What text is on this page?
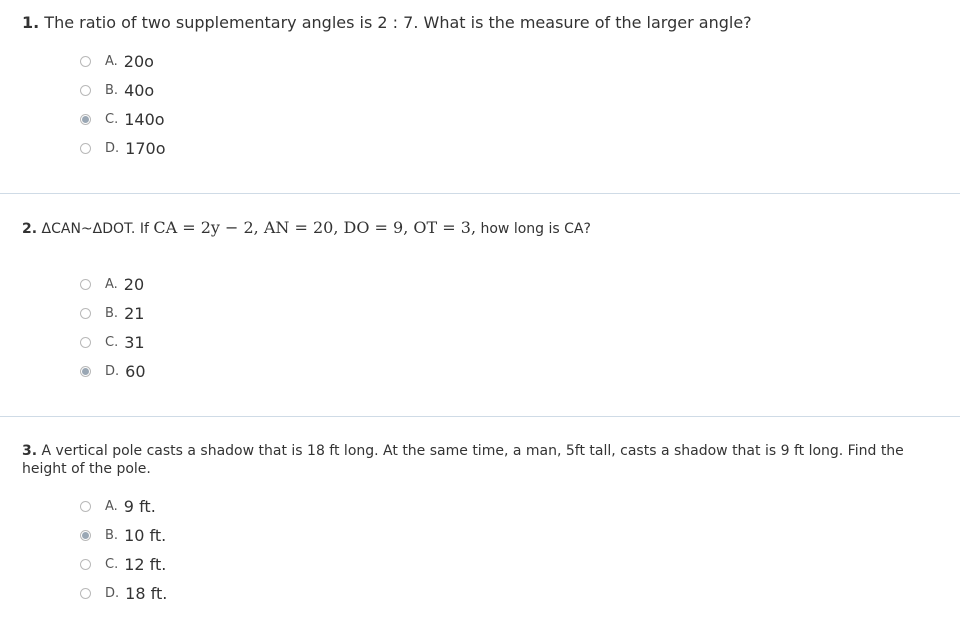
1. The ratio of two supplementary angles is 2 : 7. What is the measure of the larger angle?
A. 20o
B. 40o
C. 140o
D. 170o
2. ΔCAN~ΔDOT. If CA = 2y − 2, AN = 20, DO = 9, OT = 3, how long is CA?
A. 20
B. 21
C. 31
D. 60
3. A vertical pole casts a shadow that is 18 ft long. At the same time, a man, 5ft tall, casts a shadow that is 9 ft long. Find the height of the pole.
A. 9 ft.
B. 10 ft.
C. 12 ft.
D. 18 ft.
